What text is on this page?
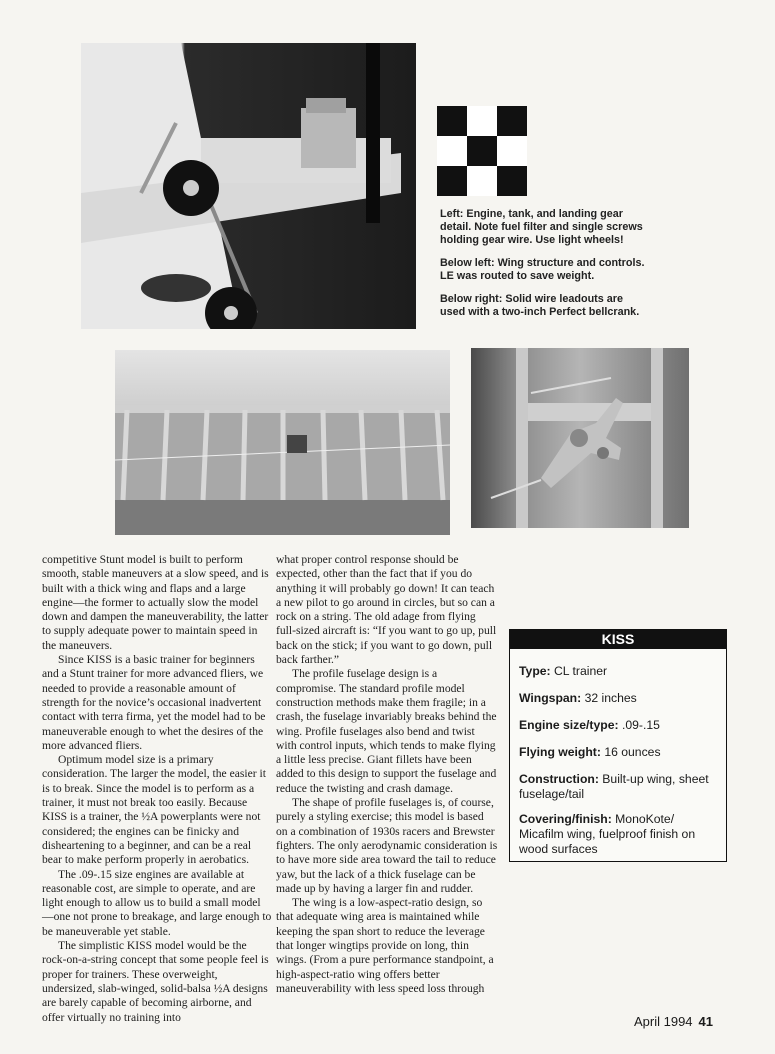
Left: Engine, tank, and landing gear detail. Note fuel filter and single screws holding gear wire. Use light wheels!

Below left: Wing structure and controls. LE was routed to save weight.

Below right: Solid wire leadouts are used with a two-inch Perfect bellcrank.

competitive Stunt model is built to perform smooth, stable maneuvers at a slow speed, and is built with a thick wing and flaps and a large engine—the former to actually slow the model down and dampen the maneuverability, the latter to supply adequate power to maintain speed in the maneuvers.

Since KISS is a basic trainer for beginners and a Stunt trainer for more advanced fliers, we needed to provide a reasonable amount of strength for the novice’s occasional inadvertent contact with terra firma, yet the model had to be maneuverable enough to whet the desires of the more advanced fliers.

Optimum model size is a primary consideration. The larger the model, the easier it is to break. Since the model is to perform as a trainer, it must not break too easily. Because KISS is a trainer, the ½A powerplants were not considered; the engines can be finicky and disheartening to a beginner, and can be a real bear to make perform properly in aerobatics.

The .09-.15 size engines are available at reasonable cost, are simple to operate, and are light enough to allow us to build a small model—one not prone to breakage, and large enough to be maneuverable yet stable.

The simplistic KISS model would be the rock-on-a-string concept that some people feel is proper for trainers. These overweight, undersized, slab-winged, solid-balsa ½A designs are barely capable of becoming airborne, and offer virtually no training into

what proper control response should be expected, other than the fact that if you do anything it will probably go down! It can teach a new pilot to go around in circles, but so can a rock on a string. The old adage from flying full-sized aircraft is: “If you want to go up, pull back on the stick; if you want to go down, pull back farther.”

The profile fuselage design is a compromise. The standard profile model construction methods make them fragile; in a crash, the fuselage invariably breaks behind the wing. Profile fuselages also bend and twist with control inputs, which tends to make flying a little less precise. Giant fillets have been added to this design to support the fuselage and reduce the twisting and crash damage.

The shape of profile fuselages is, of course, purely a styling exercise; this model is based on a combination of 1930s racers and Brewster fighters. The only aerodynamic consideration is to have more side area toward the tail to reduce yaw, but the lack of a thick fuselage can be made up by having a larger fin and rudder.

The wing is a low-aspect-ratio design, so that adequate wing area is maintained while keeping the span short to reduce the leverage that longer wingtips provide on long, thin wings. (From a pure performance standpoint, a high-aspect-ratio wing offers better maneuverability with less speed loss through

KISS
Type: CL trainer
Wingspan: 32 inches
Engine size/type: .09-.15
Flying weight: 16 ounces
Construction: Built-up wing, sheet fuselage/tail
Covering/finish: MonoKote/ Micafilm wing, fuelproof finish on wood surfaces
April 1994 41
